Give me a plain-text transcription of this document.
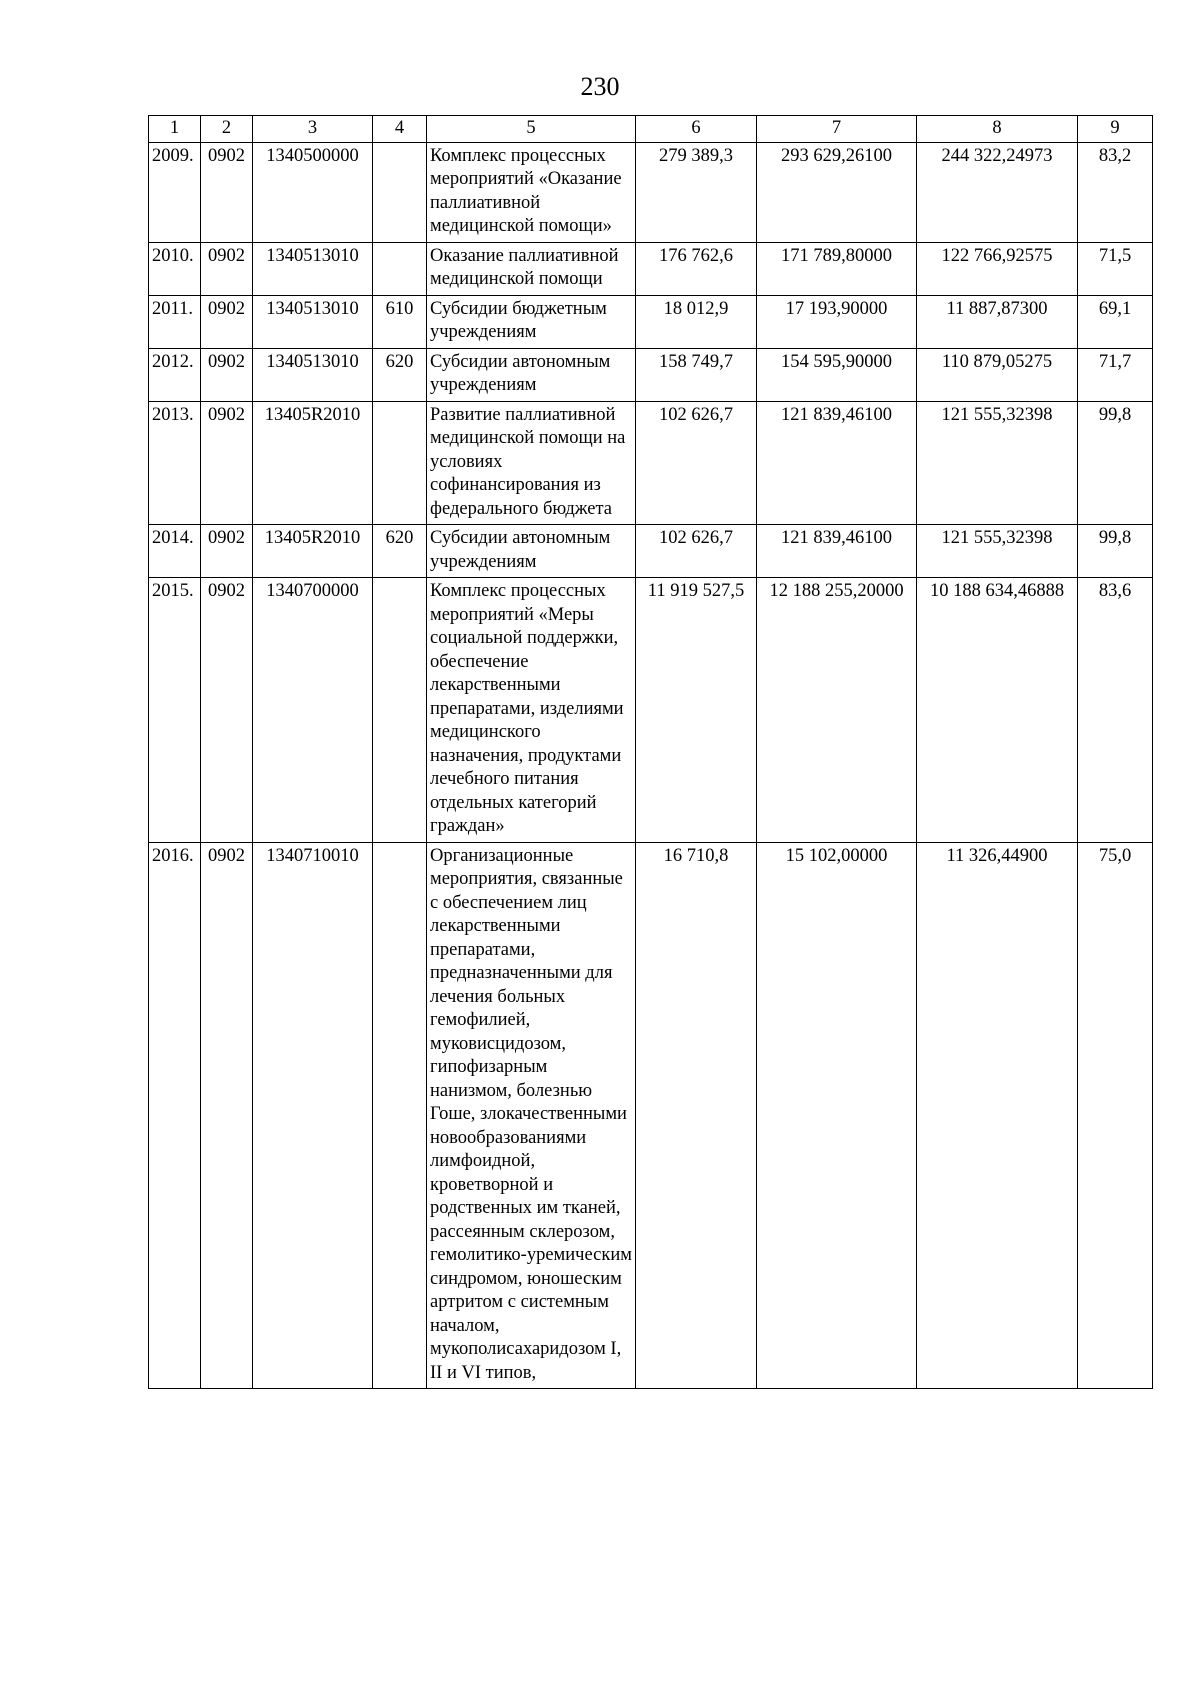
230
1	2	3	4	5	6	7	8	9
2009.	0902	1340500000		Комплекс процессных мероприятий «Оказание паллиативной медицинской помощи»	279 389,3	293 629,26100	244 322,24973	83,2
2010.	0902	1340513010		Оказание паллиативной медицинской помощи	176 762,6	171 789,80000	122 766,92575	71,5
2011.	0902	1340513010	610	Субсидии бюджетным учреждениям	18 012,9	17 193,90000	11 887,87300	69,1
2012.	0902	1340513010	620	Субсидии автономным учреждениям	158 749,7	154 595,90000	110 879,05275	71,7
2013.	0902	13405R2010		Развитие паллиативной медицинской помощи на условиях софинансирования из федерального бюджета	102 626,7	121 839,46100	121 555,32398	99,8
2014.	0902	13405R2010	620	Субсидии автономным учреждениям	102 626,7	121 839,46100	121 555,32398	99,8
2015.	0902	1340700000		Комплекс процессных мероприятий «Меры социальной поддержки, обеспечение лекарственными препаратами, изделиями медицинского назначения, продуктами лечебного питания отдельных категорий граждан»	11 919 527,5	12 188 255,20000	10 188 634,46888	83,6
2016.	0902	1340710010		Организационные мероприятия, связанные с обеспечением лиц лекарственными препаратами, предназначенными для лечения больных гемофилией, муковисцидозом, гипофизарным нанизмом, болезнью Гоше, злокачественными новообразованиями лимфоидной, кроветворной и родственных им тканей, рассеянным склерозом, гемолитико-уремическим синдромом, юношеским артритом с системным началом, мукополисахаридозом I, II и VI типов,	16 710,8	15 102,00000	11 326,44900	75,0
